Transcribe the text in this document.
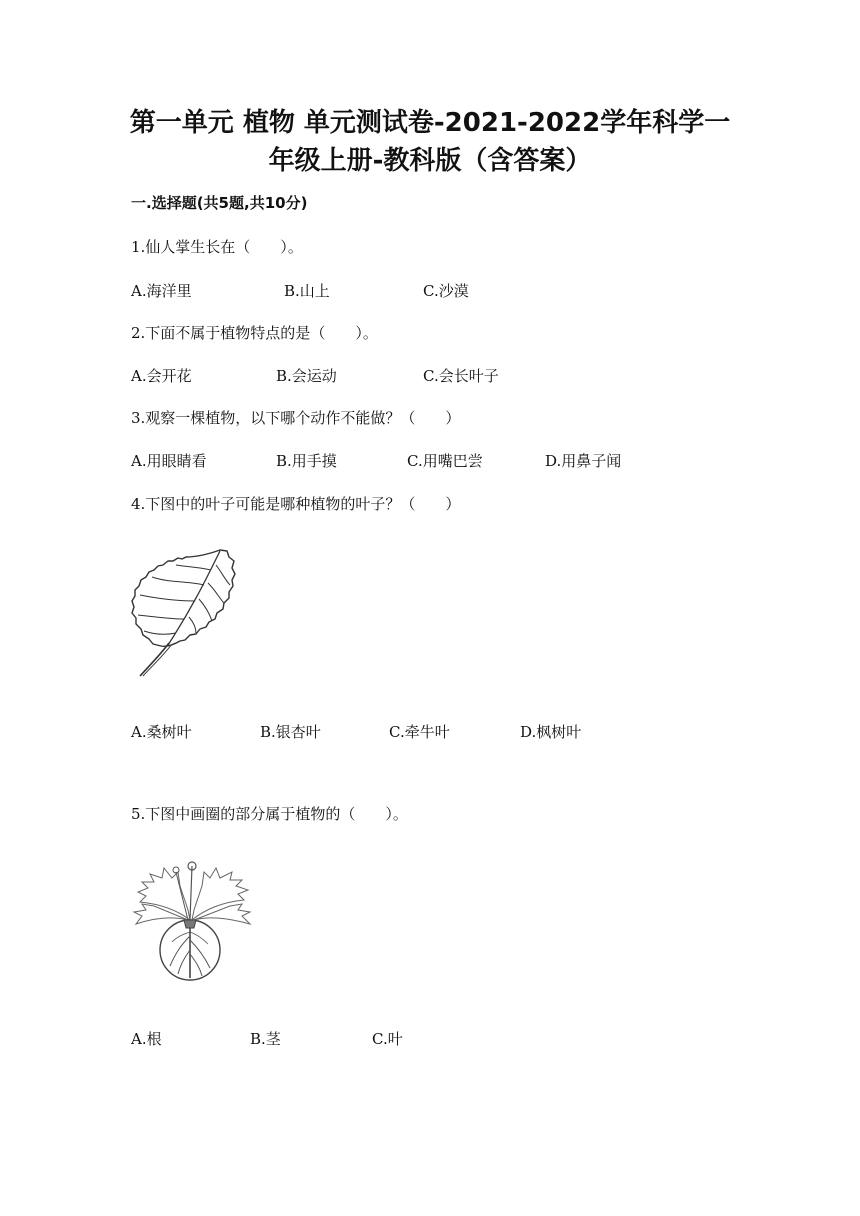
第一单元 植物 单元测试卷-2021-2022学年科学一
年级上册-教科版（含答案）
一.选择题(共5题,共10分)
1.仙人掌生长在（　　）。
A.海洋里	B.山上	C.沙漠
2.下面不属于植物特点的是（　　）。
A.会开花	B.会运动	C.会长叶子
3.观察一棵植物，以下哪个动作不能做？（　　）
A.用眼睛看	B.用手摸	C.用嘴巴尝	D.用鼻子闻
4.下图中的叶子可能是哪种植物的叶子？（　　）
A.桑树叶	B.银杏叶	C.牵牛叶	D.枫树叶
5.下图中画圈的部分属于植物的（　　）。
A.根	B.茎	C.叶
